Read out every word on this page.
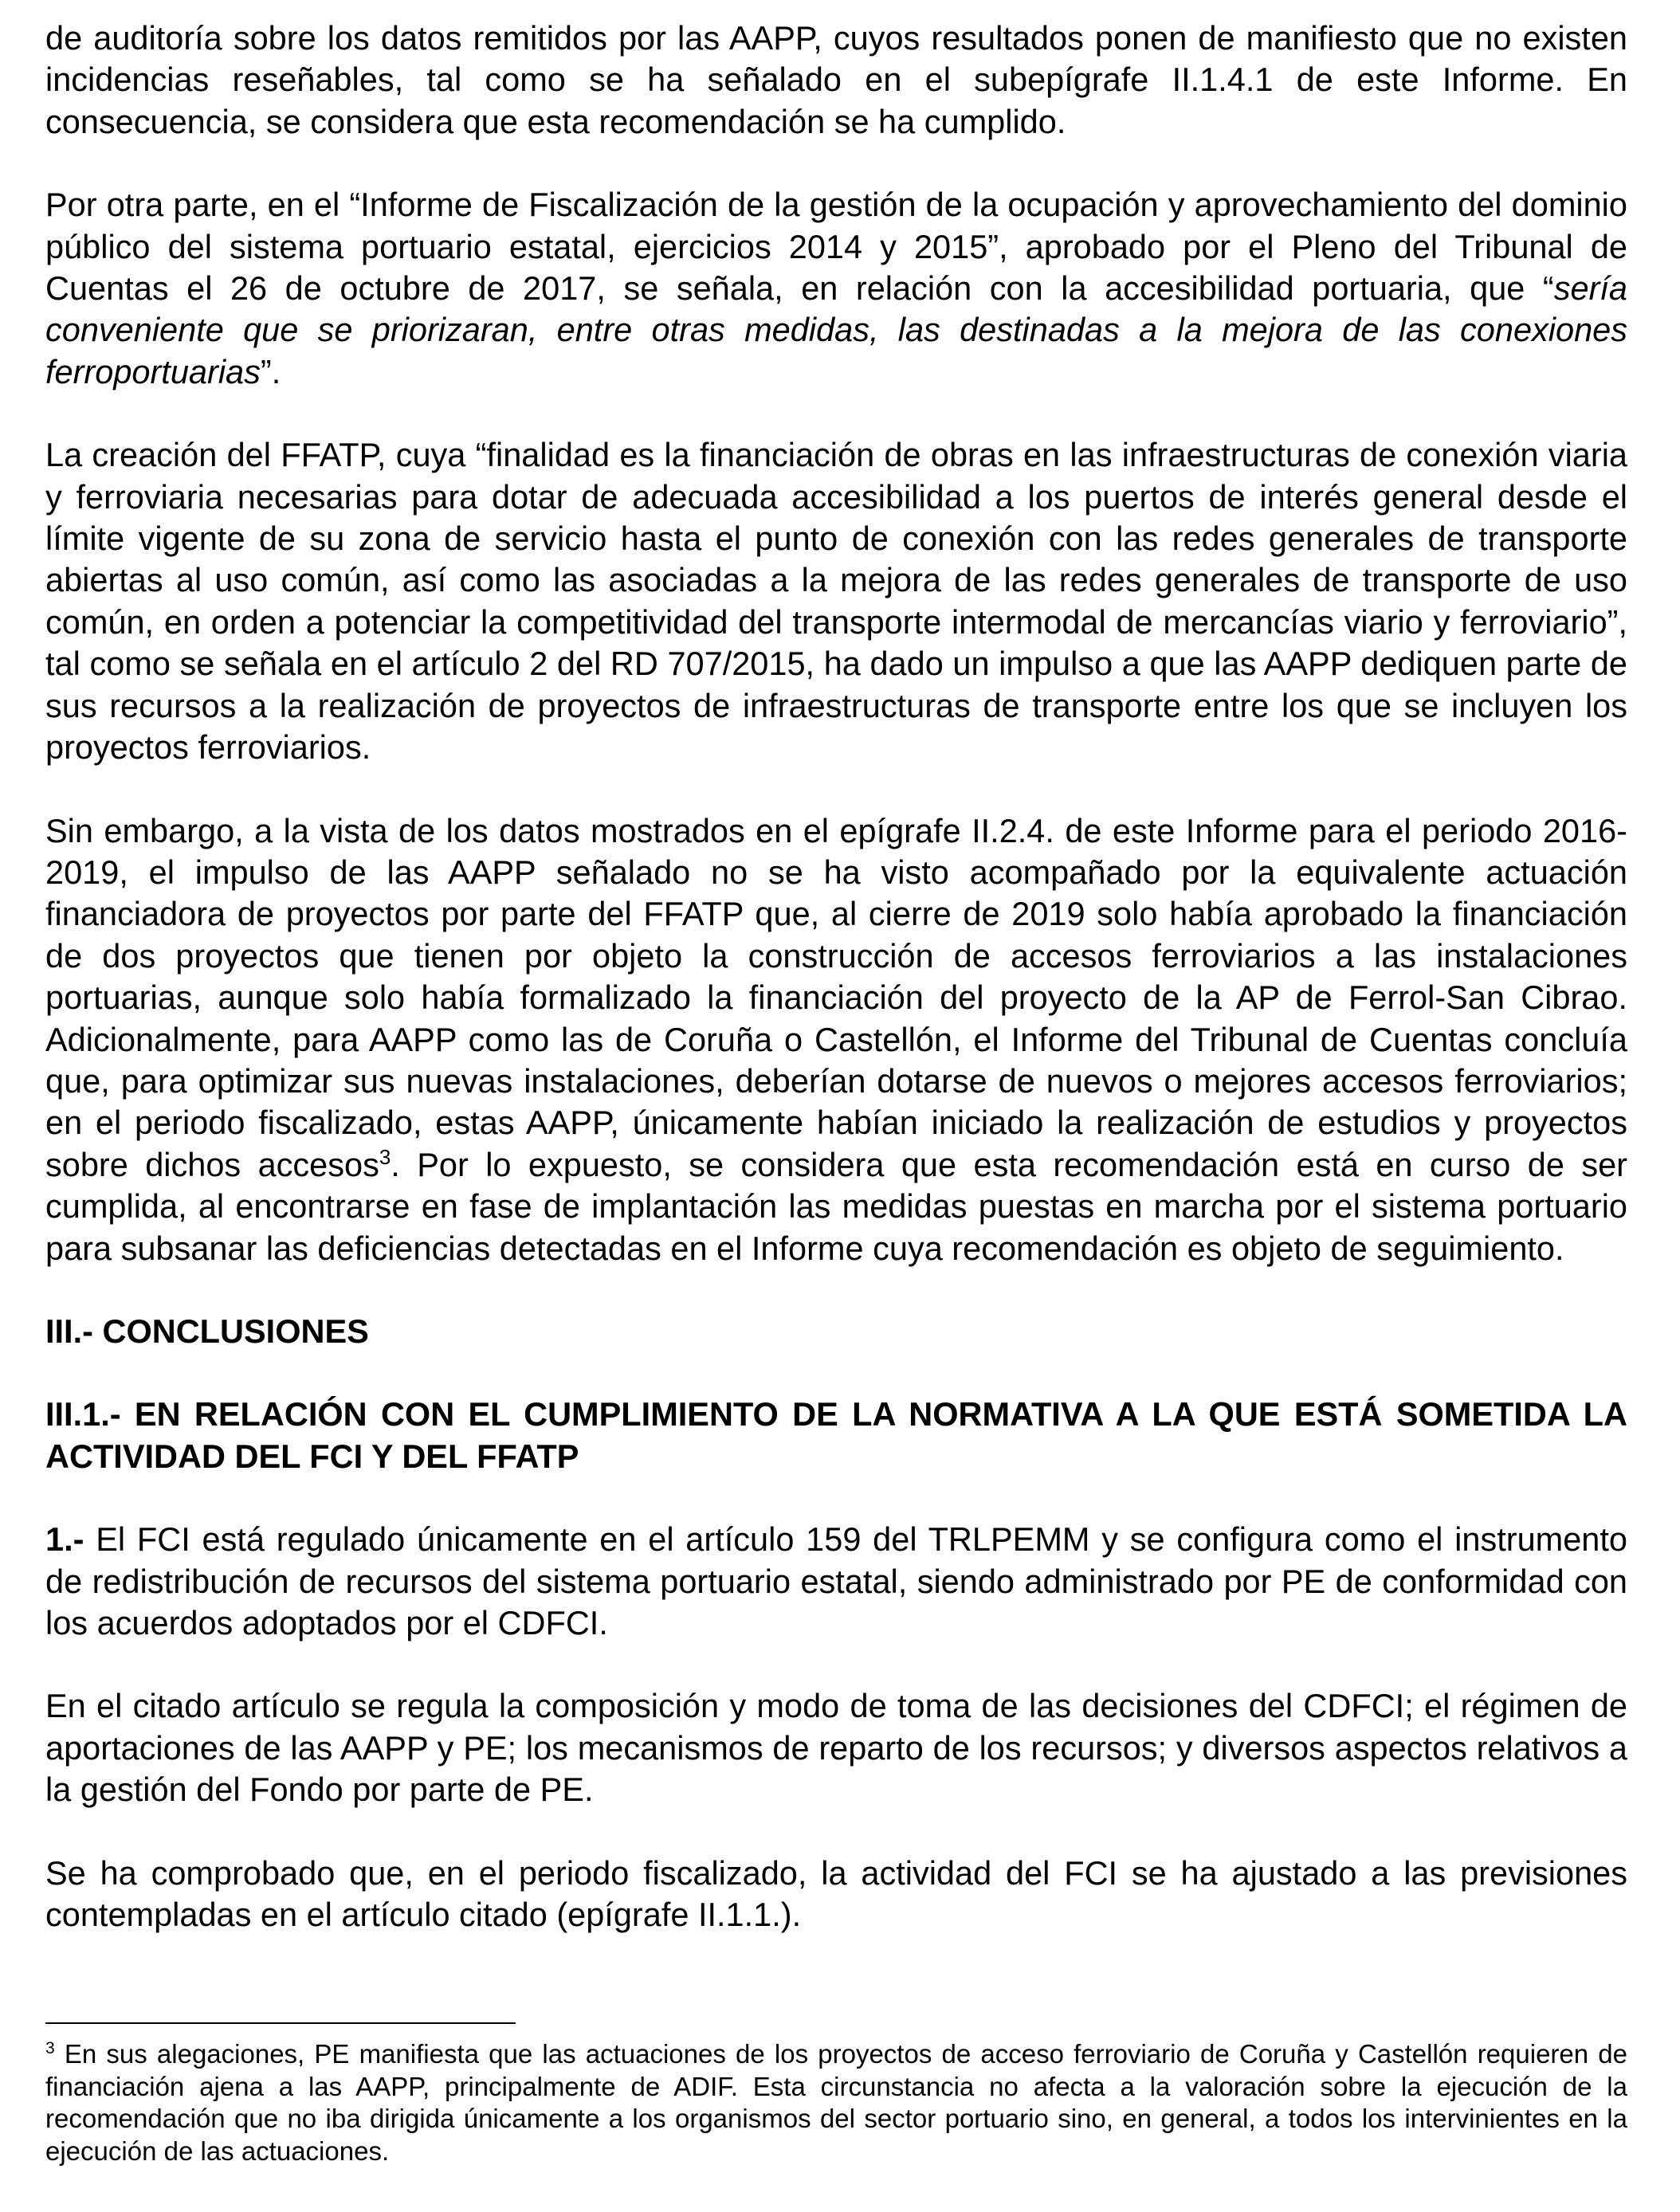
de auditoría sobre los datos remitidos por las AAPP, cuyos resultados ponen de manifiesto que no existen incidencias reseñables, tal como se ha señalado en el subepígrafe II.1.4.1 de este Informe. En consecuencia, se considera que esta recomendación se ha cumplido.

Por otra parte, en el “Informe de Fiscalización de la gestión de la ocupación y aprovechamiento del dominio público del sistema portuario estatal, ejercicios 2014 y 2015”, aprobado por el Pleno del Tribunal de Cuentas el 26 de octubre de 2017, se señala, en relación con la accesibilidad portuaria, que “sería conveniente que se priorizaran, entre otras medidas, las destinadas a la mejora de las conexiones ferroportuarias”.

La creación del FFATP, cuya “finalidad es la financiación de obras en las infraestructuras de conexión viaria y ferroviaria necesarias para dotar de adecuada accesibilidad a los puertos de interés general desde el límite vigente de su zona de servicio hasta el punto de conexión con las redes generales de transporte abiertas al uso común, así como las asociadas a la mejora de las redes generales de transporte de uso común, en orden a potenciar la competitividad del transporte intermodal de mercancías viario y ferroviario”, tal como se señala en el artículo 2 del RD 707/2015, ha dado un impulso a que las AAPP dediquen parte de sus recursos a la realización de proyectos de infraestructuras de transporte entre los que se incluyen los proyectos ferroviarios.

Sin embargo, a la vista de los datos mostrados en el epígrafe II.2.4. de este Informe para el periodo 2016-2019, el impulso de las AAPP señalado no se ha visto acompañado por la equivalente actuación financiadora de proyectos por parte del FFATP que, al cierre de 2019 solo había aprobado la financiación de dos proyectos que tienen por objeto la construcción de accesos ferroviarios a las instalaciones portuarias, aunque solo había formalizado la financiación del proyecto de la AP de Ferrol-San Cibrao. Adicionalmente, para AAPP como las de Coruña o Castellón, el Informe del Tribunal de Cuentas concluía que, para optimizar sus nuevas instalaciones, deberían dotarse de nuevos o mejores accesos ferroviarios; en el periodo fiscalizado, estas AAPP, únicamente habían iniciado la realización de estudios y proyectos sobre dichos accesos$^3$. Por lo expuesto, se considera que esta recomendación está en curso de ser cumplida, al encontrarse en fase de implantación las medidas puestas en marcha por el sistema portuario para subsanar las deficiencias detectadas en el Informe cuya recomendación es objeto de seguimiento.

III.- CONCLUSIONES

III.1.- EN RELACIÓN CON EL CUMPLIMIENTO DE LA NORMATIVA A LA QUE ESTÁ SOMETIDA LA ACTIVIDAD DEL FCI Y DEL FFATP

1.- El FCI está regulado únicamente en el artículo 159 del TRLPEMM y se configura como el instrumento de redistribución de recursos del sistema portuario estatal, siendo administrado por PE de conformidad con los acuerdos adoptados por el CDFCI.

En el citado artículo se regula la composición y modo de toma de las decisiones del CDFCI; el régimen de aportaciones de las AAPP y PE; los mecanismos de reparto de los recursos; y diversos aspectos relativos a la gestión del Fondo por parte de PE.

Se ha comprobado que, en el periodo fiscalizado, la actividad del FCI se ha ajustado a las previsiones contempladas en el artículo citado (epígrafe II.1.1.).

$^3$ En sus alegaciones, PE manifiesta que las actuaciones de los proyectos de acceso ferroviario de Coruña y Castellón requieren de financiación ajena a las AAPP, principalmente de ADIF. Esta circunstancia no afecta a la valoración sobre la ejecución de la recomendación que no iba dirigida únicamente a los organismos del sector portuario sino, en general, a todos los intervinientes en la ejecución de las actuaciones.
